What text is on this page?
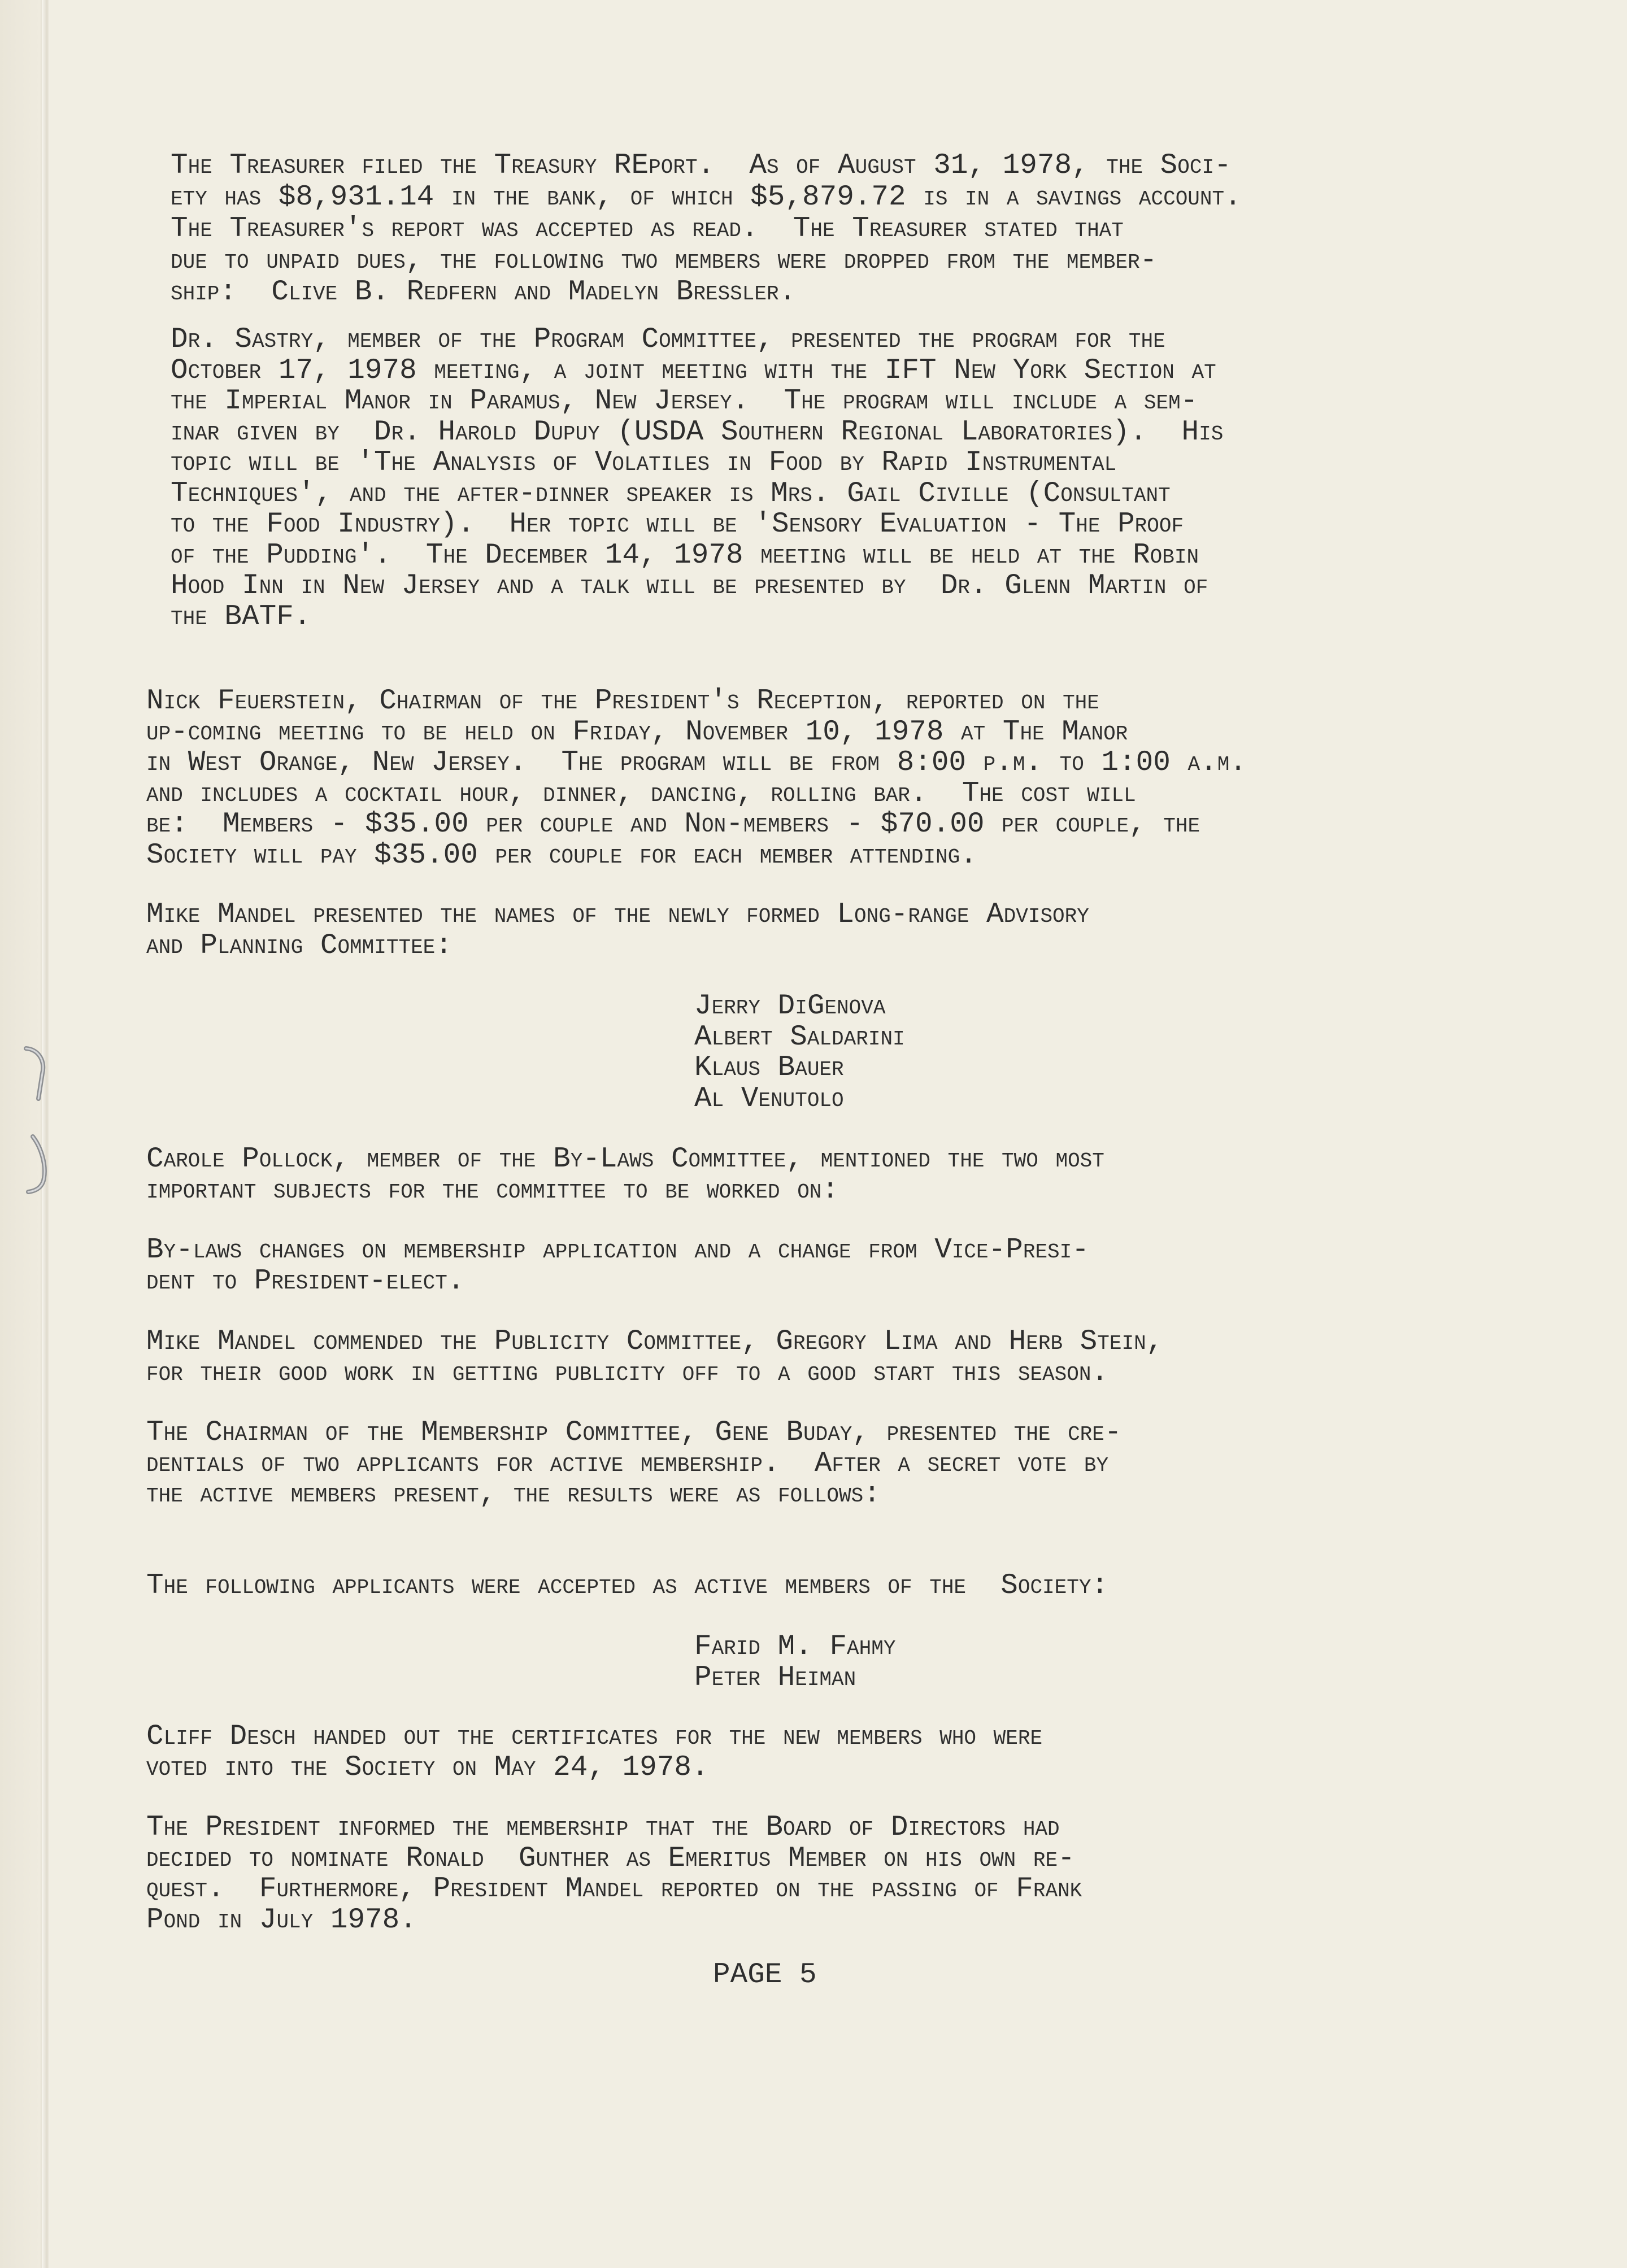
The Treasurer filed the Treasury REport.  As of August 31, 1978, the Soci-
ety has $8,931.14 in the bank, of which $5,879.72 is in a savings account.
The Treasurer's report was accepted as read.  The Treasurer stated that
due to unpaid dues, the following two members were dropped from the member-
ship:  Clive B. Redfern and Madelyn Bressler.
Dr. Sastry, member of the Program Committee, presented the program for the
October 17, 1978 meeting, a joint meeting with the IFT New York Section at
the Imperial Manor in Paramus, New Jersey.  The program will include a sem-
inar given by  Dr. Harold Dupuy (USDA Southern Regional Laboratories).  His
topic will be 'The Analysis of Volatiles in Food by Rapid Instrumental
Techniques', and the after-dinner speaker is Mrs. Gail Civille (Consultant
to the Food Industry).  Her topic will be 'Sensory Evaluation - The Proof
of the Pudding'.  The December 14, 1978 meeting will be held at the Robin
Hood Inn in New Jersey and a talk will be presented by  Dr. Glenn Martin of
the BATF.
Nick Feuerstein, Chairman of the President's Reception, reported on the
up-coming meeting to be held on Friday, November 10, 1978 at The Manor
in West Orange, New Jersey.  The program will be from 8:00 p.m. to 1:00 a.m.
and includes a cocktail hour, dinner, dancing, rolling bar.  The cost will
be:  Members - $35.00 per couple and Non-members - $70.00 per couple, the
Society will pay $35.00 per couple for each member attending.
Mike Mandel presented the names of the newly formed Long-range Advisory
and Planning Committee:
Jerry DiGenova
Albert Saldarini
Klaus Bauer
Al Venutolo
Carole Pollock, member of the By-Laws Committee, mentioned the two most
important subjects for the committee to be worked on:
By-laws changes on membership application and a change from Vice-Presi-
dent to President-elect.
Mike Mandel commended the Publicity Committee, Gregory Lima and Herb Stein,
for their good work in getting publicity off to a good start this season.
The Chairman of the Membership Committee, Gene Buday, presented the cre-
dentials of two applicants for active membership.  After a secret vote by
the active members present, the results were as follows:
The following applicants were accepted as active members of the  Society:
Farid M. Fahmy
Peter Heiman
Cliff Desch handed out the certificates for the new members who were
voted into the Society on May 24, 1978.
The President informed the membership that the Board of Directors had
decided to nominate Ronald  Gunther as Emeritus Member on his own re-
quest.  Furthermore, President Mandel reported on the passing of Frank
Pond in July 1978.
PAGE 5
